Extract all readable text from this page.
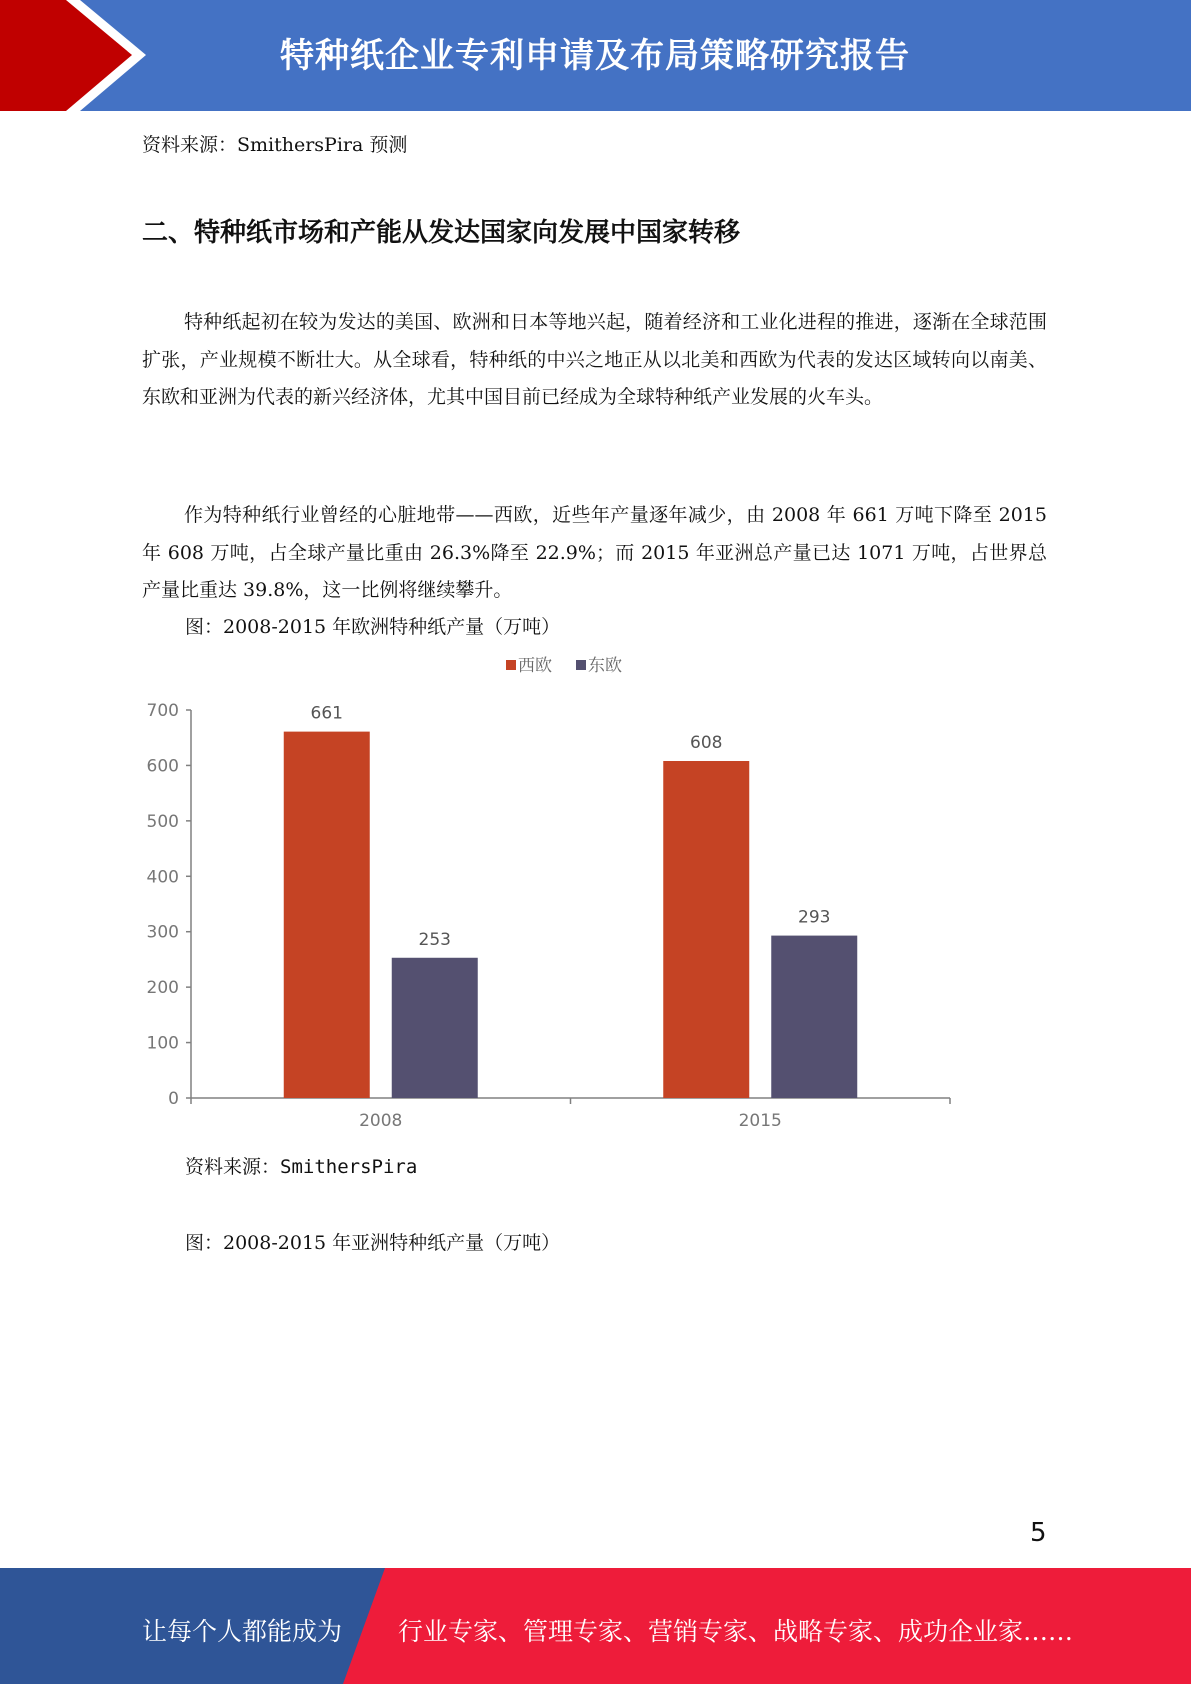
特种纸企业专利申请及布局策略研究报告
资料来源：SmithersPira 预测
二、特种纸市场和产能从发达国家向发展中国家转移
特种纸起初在较为发达的美国、欧洲和日本等地兴起，随着经济和工业化进程的推进，逐渐在全球范围扩张，产业规模不断壮大。从全球看，特种纸的中兴之地正从以北美和西欧为代表的发达区域转向以南美、东欧和亚洲为代表的新兴经济体，尤其中国目前已经成为全球特种纸产业发展的火车头。
作为特种纸行业曾经的心脏地带——西欧，近些年产量逐年减少，由 2008 年 661 万吨下降至 2015 年 608 万吨，占全球产量比重由 26.3%降至 22.9%；而 2015 年亚洲总产量已达 1071 万吨，占世界总产量比重达 39.8%，这一比例将继续攀升。
图：2008-2015 年欧洲特种纸产量（万吨）
0
100
200
300
400
500
600
700	661
253
2008
608
293
2015
西欧 东欧
资料来源：SmithersPira
图：2008-2015 年亚洲特种纸产量（万吨）
5
让每个人都能成为 行业专家、管理专家、营销专家、战略专家、成功企业家……
